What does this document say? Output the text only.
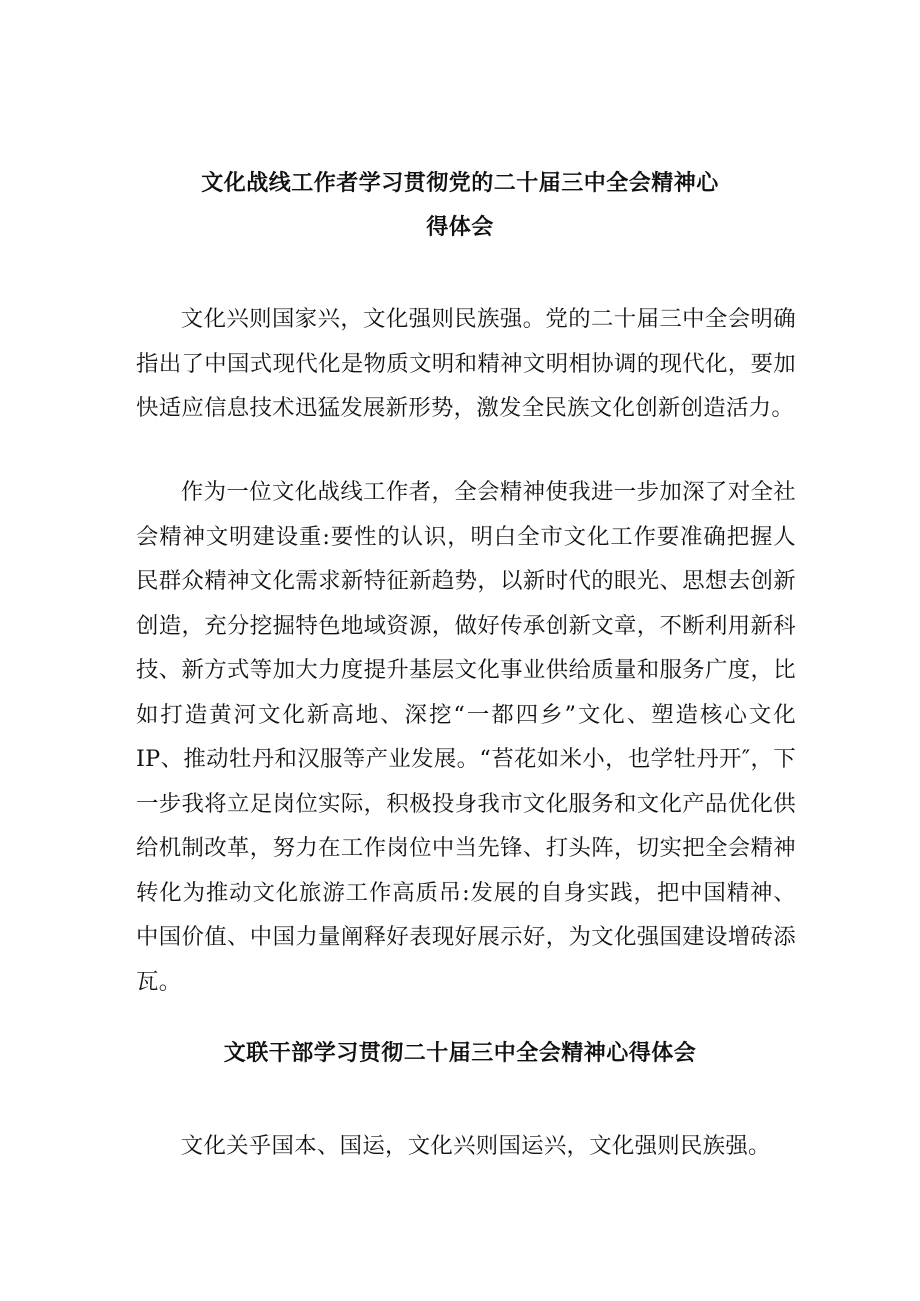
文化战线工作者学习贯彻党的二十届三中全会精神心
得体会

文化兴则国家兴，文化强则民族强。党的二十届三中全会明确指出了中国式现代化是物质文明和精神文明相协调的现代化，要加快适应信息技术迅猛发展新形势，激发全民族文化创新创造活力。

作为一位文化战线工作者，全会精神使我进一步加深了对全社会精神文明建设重:要性的认识，明白全市文化工作要准确把握人民群众精神文化需求新特征新趋势，以新时代的眼光、思想去创新创造，充分挖掘特色地域资源，做好传承创新文章，不断利用新科技、新方式等加大力度提升基层文化事业供给质量和服务广度，比如打造黄河文化新高地、深挖“一都四乡”文化、塑造核心文化IP、推动牡丹和汉服等产业发展。“苔花如米小，也学牡丹开″，下一步我将立足岗位实际，积极投身我市文化服务和文化产品优化供给机制改革，努力在工作岗位中当先锋、打头阵，切实把全会精神转化为推动文化旅游工作高质吊:发展的自身实践，把中国精神、中国价值、中国力量阐释好表现好展示好，为文化强国建设增砖添瓦。

文联干部学习贯彻二十届三中全会精神心得体会

文化关乎国本、国运，文化兴则国运兴，文化强则民族强。
